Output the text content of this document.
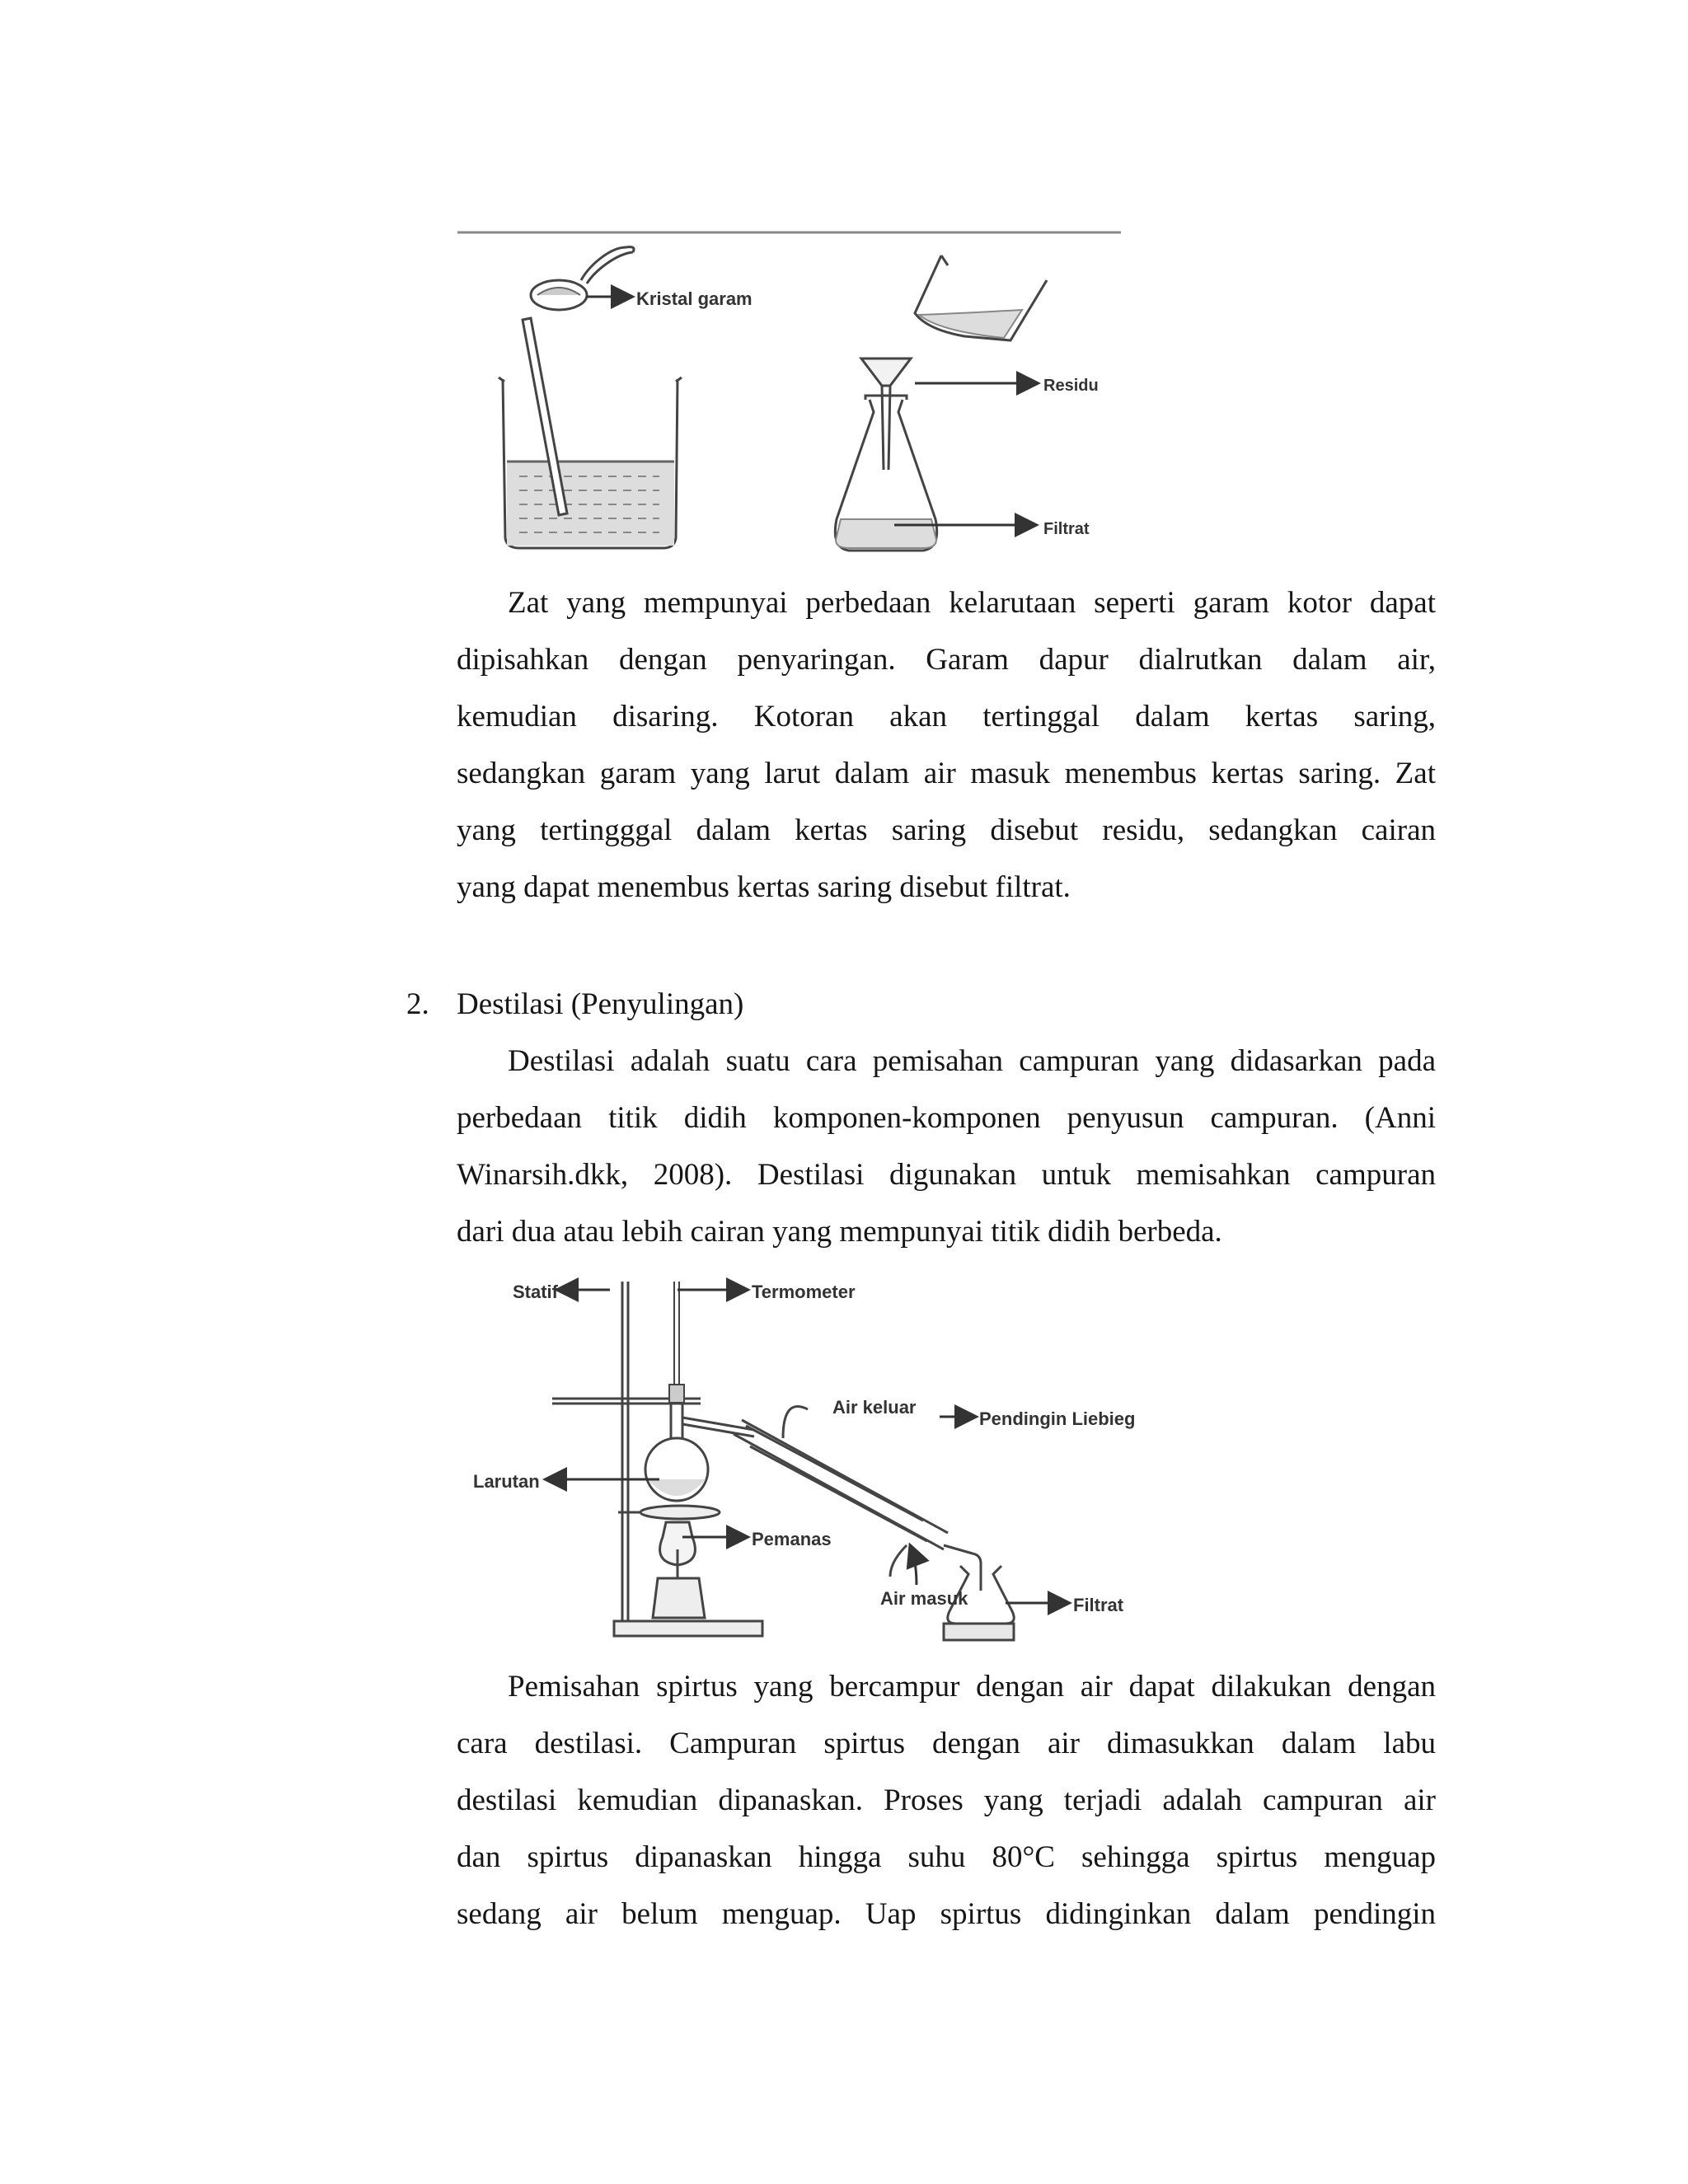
Kristal garam
Residu
Filtrat
Zat yang mempunyai perbedaan kelarutaan seperti garam kotor dapat
dipisahkan dengan penyaringan. Garam dapur dialrutkan dalam air,
kemudian disaring. Kotoran akan tertinggal dalam kertas saring,
sedangkan garam yang larut dalam air masuk menembus kertas saring. Zat
yang tertingggal dalam kertas saring disebut residu, sedangkan cairan
yang dapat menembus kertas saring disebut filtrat.
2. Destilasi (Penyulingan)
Destilasi adalah suatu cara pemisahan campuran yang didasarkan pada
perbedaan titik didih komponen-komponen penyusun campuran. (Anni
Winarsih.dkk, 2008). Destilasi digunakan untuk memisahkan campuran
dari dua atau lebih cairan yang mempunyai titik didih berbeda.
Statif	Termometer
Air keluar
Pendingin Liebieg
Larutan
Pemanas
Air masuk	Filtrat
Pemisahan spirtus yang bercampur dengan air dapat dilakukan dengan
cara destilasi. Campuran spirtus dengan air dimasukkan dalam labu
destilasi kemudian dipanaskan. Proses yang terjadi adalah campuran air
dan spirtus dipanaskan hingga suhu 80°C sehingga spirtus menguap
sedang air belum menguap. Uap spirtus didinginkan dalam pendingin
